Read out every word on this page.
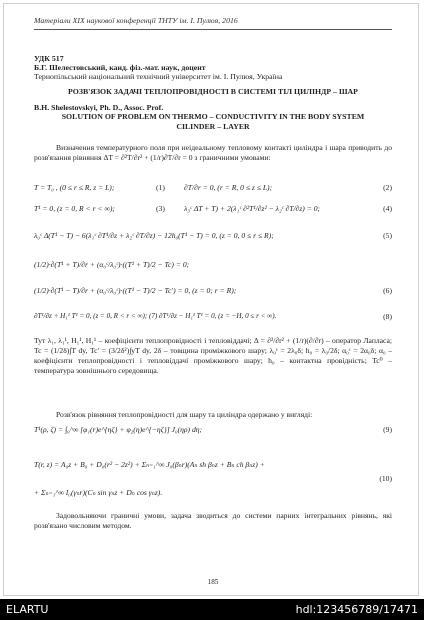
Матеріали ХІХ наукової конференції ТНТУ ім. І. Пулюя, 2016
УДК 517
Б.Г. Шелестовський, канд. фіз.-мат. наук, доцент
Тернопільський національний технічний університет ім. І. Пулюя, Україна
РОЗВ'ЯЗОК ЗАДАЧІ ТЕПЛОПРОВІДНОСТІ В СИСТЕМІ ТІЛ ЦИЛІНДР – ШАР
B.H. Shelestovskyi, Ph. D., Assoc. Prof.
SOLUTION OF PROBLEM ON THERMO – CONDUCTIVITY IN THE BODY SYSTEM CILINDER – LAYER
Визначення температурного поля при неідеальному тепловому контакті циліндра і шара приводить до розв'язання рівняння ΔT = ∂²T/∂r² + (1/r)∂T/∂r = 0 з граничними умовами:
T = T₀ , (0 ≤ r ≤ R, z = L);	(1)	∂T/∂r = 0, (r = R, 0 ≤ z ≤ L);	(2)
T¹ = 0, (z = 0, R < r < ∞);	(3)	λ₃ᶜ ΔT + T) + 2(λ₁ᶜ ∂²T¹/∂z² − λ₂ᶜ ∂T/∂z) = 0;	(4)
λ₀ᶜ Δ(T¹ − T) − 6(λ₁ᶜ ∂T¹/∂z + λ₂ᶜ ∂T/∂z) − 12h₀(T¹ − T) = 0, (z = 0, 0 ≤ r ≤ R);	(5)
(1/2)·∂(T¹ + T)/∂r + (α₀ᶜ/λ₀ᶜ)·((T¹ + T)/2 − Tc) = 0;
(1/2)·∂(T¹ − T)/∂r + (α₀ᶜ/λ₀ᶜ)·((T¹ − T)/2 − Tc′) = 0, (z = 0; r = R);	(6)
∂T¹/∂z + H₁¹ T¹ = 0, (z = 0, R < r < ∞); (7) ∂T¹/∂z − H₁¹ T¹ = 0, (z = −H, 0 ≤ r < ∞).	(8)
Тут λ₁, λ₁¹, H₁¹, H₁¹ – коефіцієнти теплопровідності і тепловіддачі; Δ = ∂²/∂r² + (1/r)(∂/∂r) – оператор Лапласа; Tc = (1/2δ)∫T dy, Tc′ = (3/2δ²)∫yT dy, 2δ – товщина проміжкового шару; λ₀ᶜ = 2λ₀δ; h₀ = λ₀/2δ; α₀ᶜ = 2α₀δ; α₀ – коефіцієнти теплопровідності і тепловіддачі проміжкового шару; h₀ – контактна провідність; Tc⁰ – температура зовнішнього середовища.
Розв'язок рівняння теплопровідності для шару та циліндра одержано у вигляді:
T¹(ρ, ζ) = ∫₀^∞ [φ₁(r)e^{ηζ} + φ₂(η)e^{−ηζ}] J₀(ηρ) dη;	(9)
T(r, z) = A₀z + B₀ + D₀(r² − 2z²) + Σₙ₌₁^∞ J₀(βₙr)(Aₙ sh βₙz + Bₙ ch βₙz) +
(10)
+ Σₙ₌₁^∞ I₀(γₙr)(Cₙ sin γₙz + Dₙ cos γₙz).
Задовольняючи граничні умови, задача зводиться до системи парних інтегральних рівнянь, які розв'язано числовим методом.
185
ELARTU	hdl:123456789/17471
